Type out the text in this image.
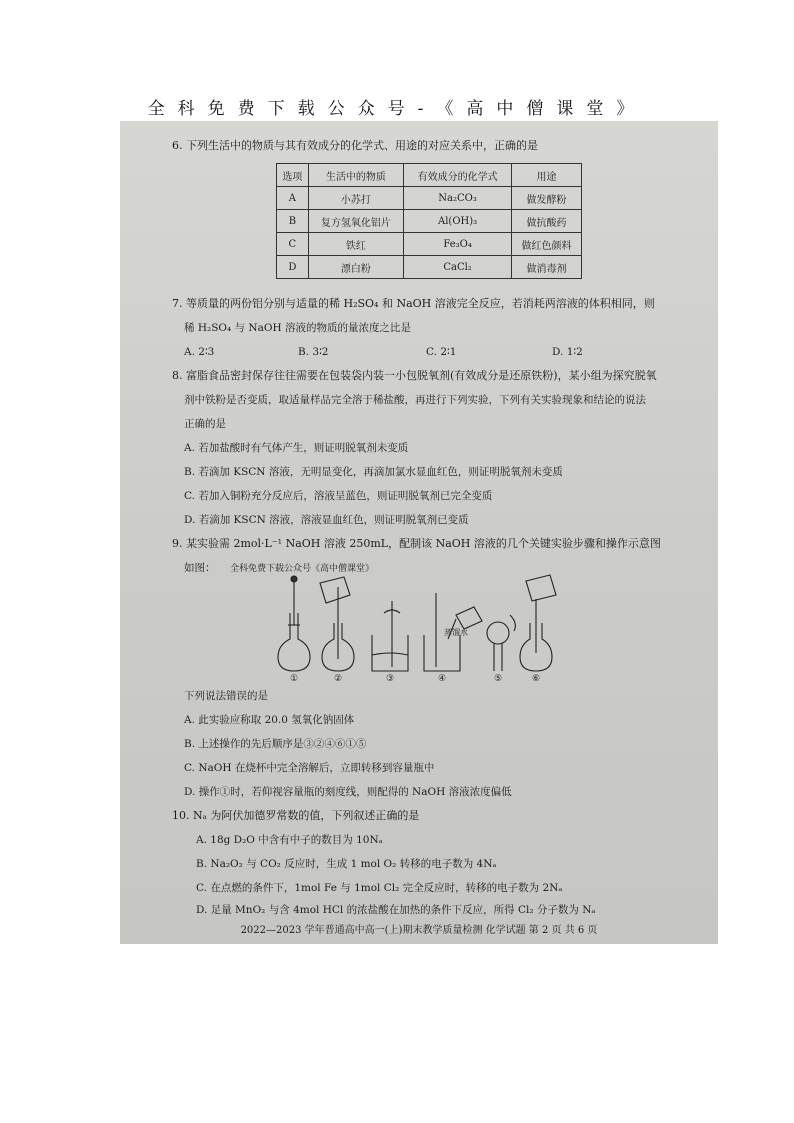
全科免费下载公众号-《高中僧课堂》
6. 下列生活中的物质与其有效成分的化学式、用途的对应关系中，正确的是
选项	生活中的物质	有效成分的化学式	用途
A	小苏打	Na₂CO₃	做发酵粉
B	复方氢氧化铝片	Al(OH)₃	做抗酸药
C	铁红	Fe₃O₄	做红色颜料
D	漂白粉	CaCl₂	做消毒剂
7. 等质量的两份铝分别与适量的稀 H₂SO₄ 和 NaOH 溶液完全反应，若消耗两溶液的体积相同，则
稀 H₂SO₄ 与 NaOH 溶液的物质的量浓度之比是
A. 2∶3	B. 3∶2	C. 2∶1	D. 1∶2
8. 富脂食品密封保存往往需要在包装袋内装一小包脱氧剂(有效成分是还原铁粉)，某小组为探究脱氧
剂中铁粉是否变质，取适量样品完全溶于稀盐酸，再进行下列实验，下列有关实验现象和结论的说法
正确的是
A. 若加盐酸时有气体产生，则证明脱氧剂未变质
B. 若滴加 KSCN 溶液，无明显变化，再滴加氯水显血红色，则证明脱氧剂未变质
C. 若加入铜粉充分反应后，溶液呈蓝色，则证明脱氧剂已完全变质
D. 若滴加 KSCN 溶液，溶液显血红色，则证明脱氧剂已变质
9. 某实验需 2mol·L⁻¹ NaOH 溶液 250mL，配制该 NaOH 溶液的几个关键实验步骤和操作示意图
如图： 全科免费下载公众号《高中僧课堂》
蒸馏水
①	②	③	④	⑤	⑥
下列说法错误的是
A. 此实验应称取 20.0 氢氧化钠固体
B. 上述操作的先后顺序是③②④⑥①⑤
C. NaOH 在烧杯中完全溶解后，立即转移到容量瓶中
D. 操作①时，若仰视容量瓶的刻度线，则配得的 NaOH 溶液浓度偏低
10. Nₐ 为阿伏加德罗常数的值，下列叙述正确的是
A. 18g D₂O 中含有中子的数目为 10Nₐ
B. Na₂O₂ 与 CO₂ 反应时，生成 1 mol O₂ 转移的电子数为 4Nₐ
C. 在点燃的条件下，1mol Fe 与 1mol Cl₂ 完全反应时，转移的电子数为 2Nₐ
D. 足量 MnO₂ 与含 4mol HCl 的浓盐酸在加热的条件下反应，所得 Cl₂ 分子数为 Nₐ
2022—2023 学年普通高中高一(上)期末教学质量检测 化学试题 第 2 页 共 6 页
